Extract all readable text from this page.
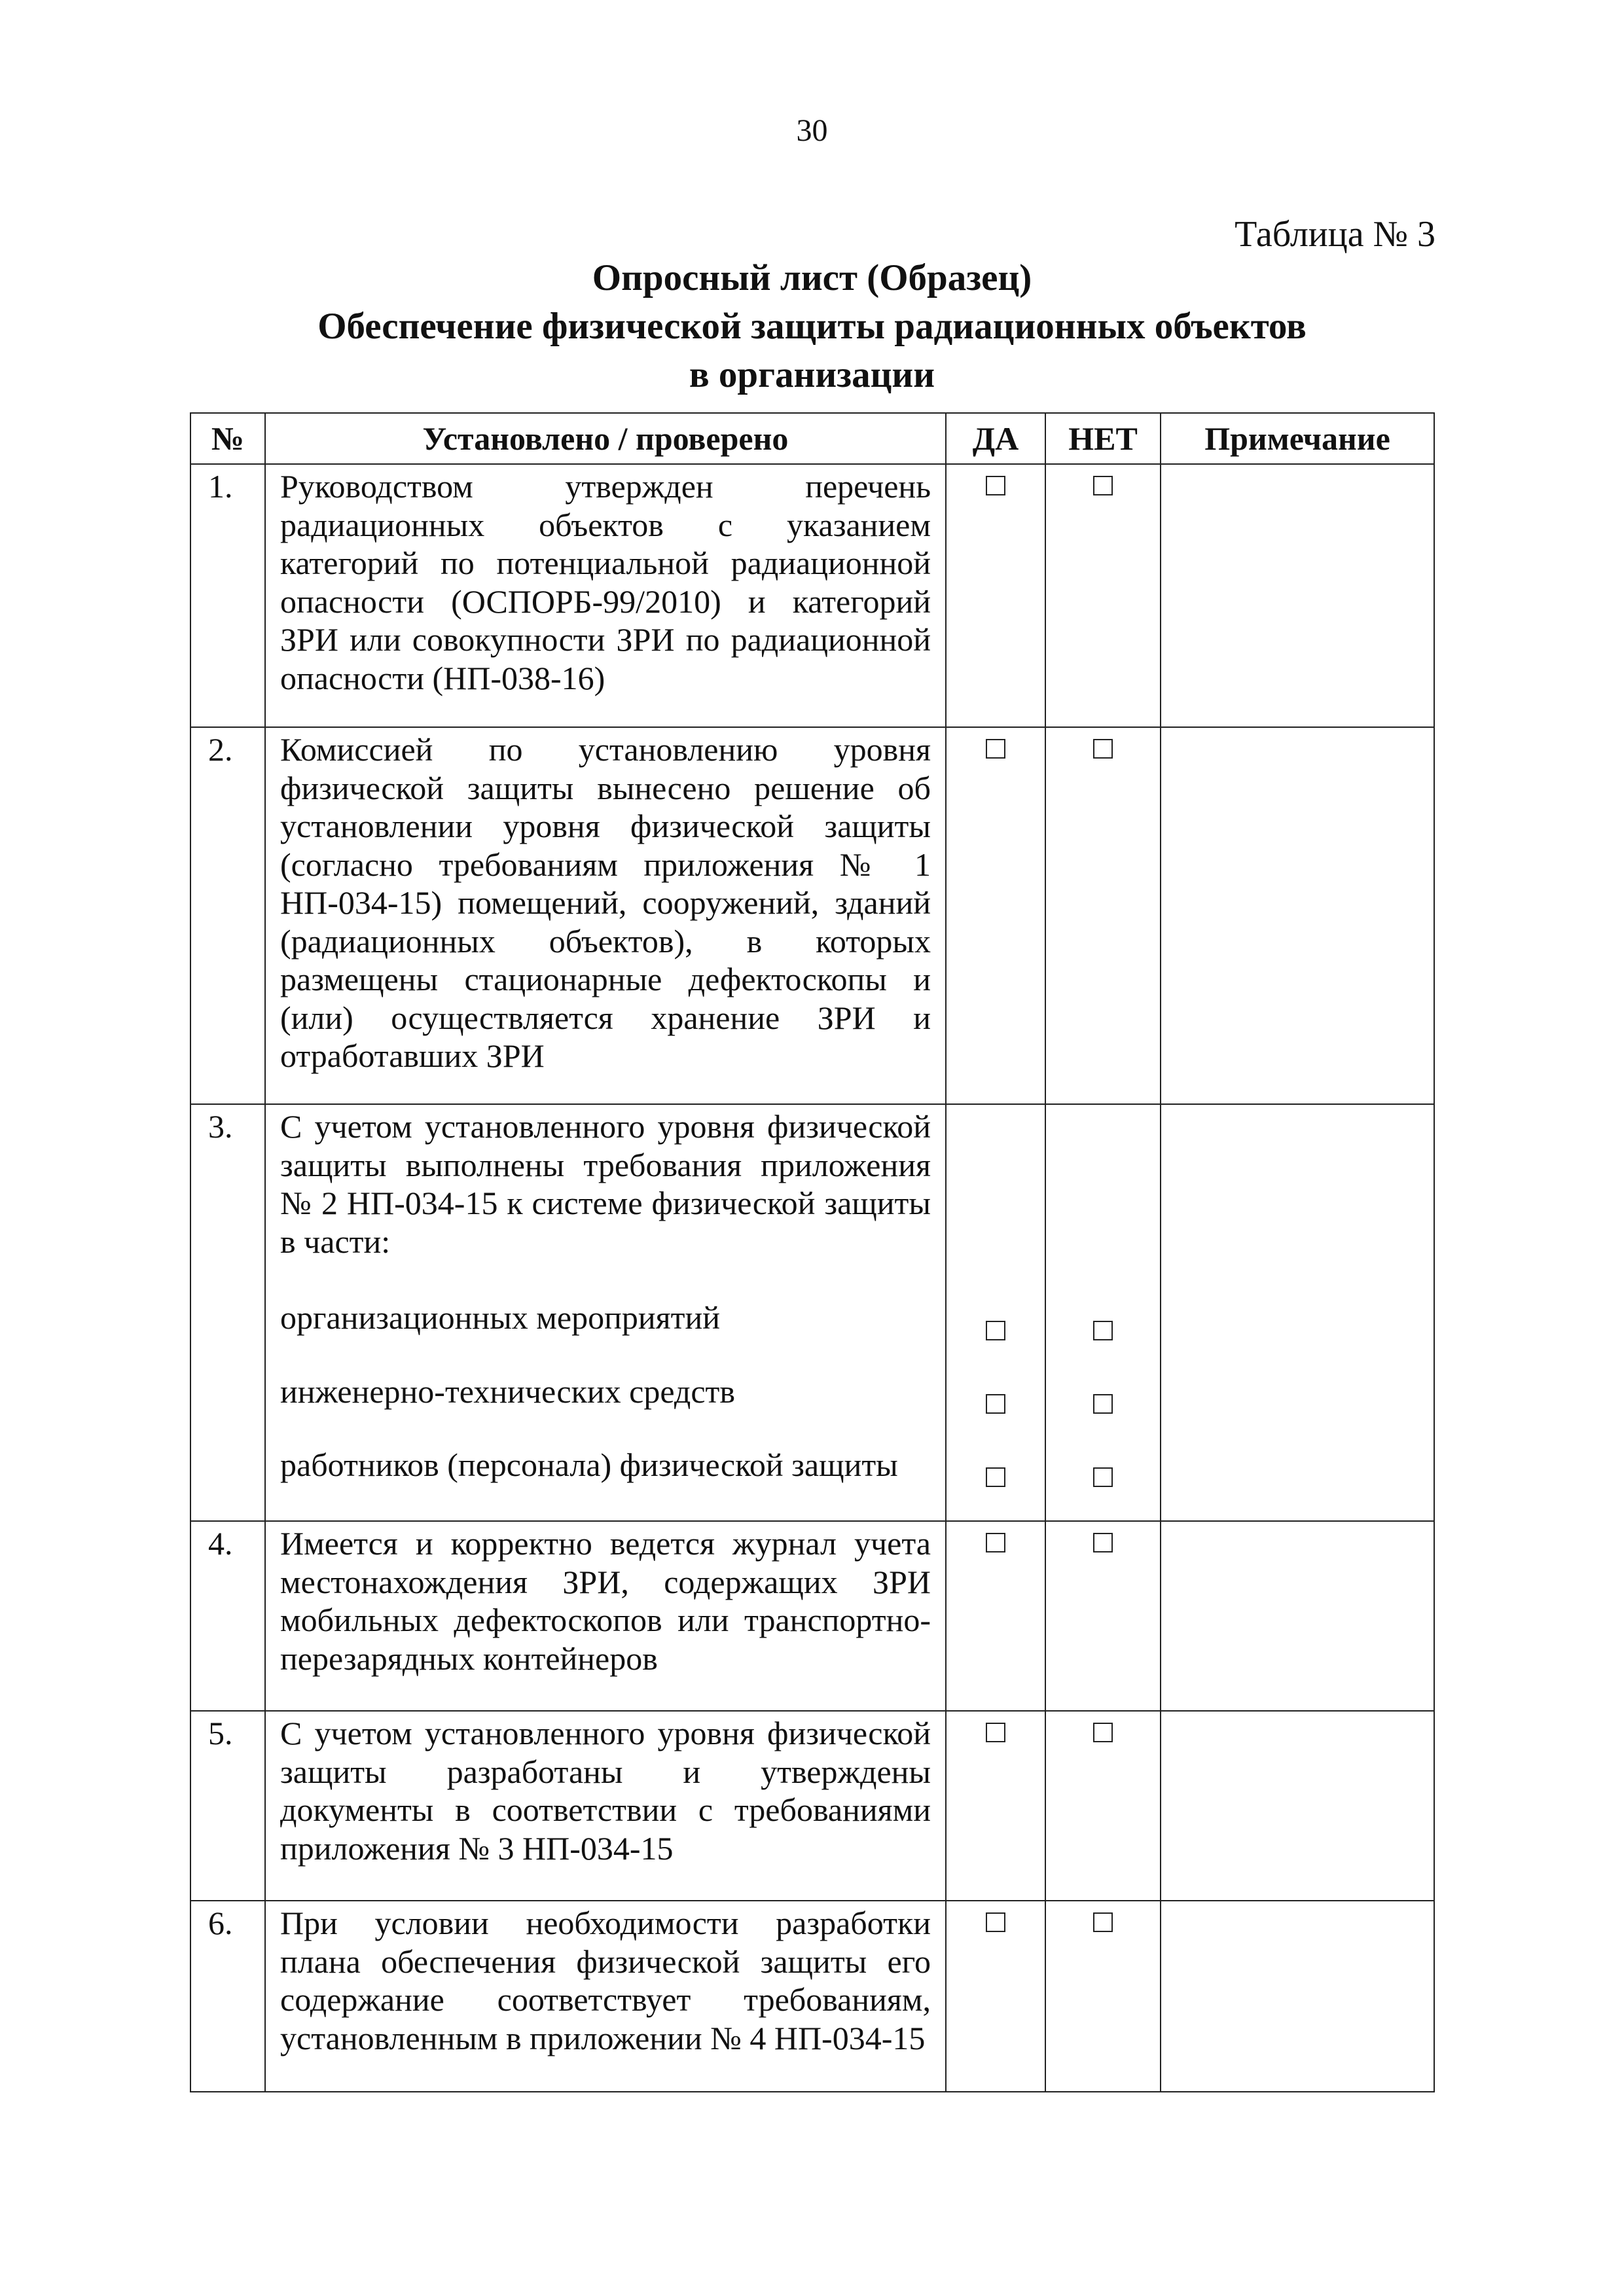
30
Таблица № 3
Опросный лист (Образец)
Обеспечение физической защиты радиационных объектов
в организации
№	Установлено / проверено	ДА	НЕТ	Примечание
1.	Руководством утвержден перечень радиационных объектов с указанием категорий по потенциальной радиационной опасности (ОСПОРБ-99/2010) и категорий ЗРИ или совокупности ЗРИ по радиационной опасности (НП-038-16)			
2.	Комиссией по установлению уровня физической защиты вынесено решение об установлении уровня физической защиты (согласно требованиям приложения № 1 НП-034-15) помещений, сооружений, зданий (радиационных объектов), в которых размещены стационарные дефектоскопы и (или) осуществляется хранение ЗРИ и отработавших ЗРИ			
3.	С учетом установленного уровня физической защиты выполнены требования приложения № 2 НП-034-15 к системе физической защиты в части:
организационных мероприятий
инженерно-технических средств
работников (персонала) физической защиты			

4.	Имеется и корректно ведется журнал учета местонахождения ЗРИ, содержащих ЗРИ мобильных дефектоскопов или транспортно-перезарядных контейнеров			
5.	С учетом установленного уровня физической защиты разработаны и утверждены документы в соответствии с требованиями приложения № 3 НП-034-15			
6.	При условии необходимости разработки плана обеспечения физической защиты его содержание соответствует требованиям, установленным в приложении № 4 НП-034-15			
